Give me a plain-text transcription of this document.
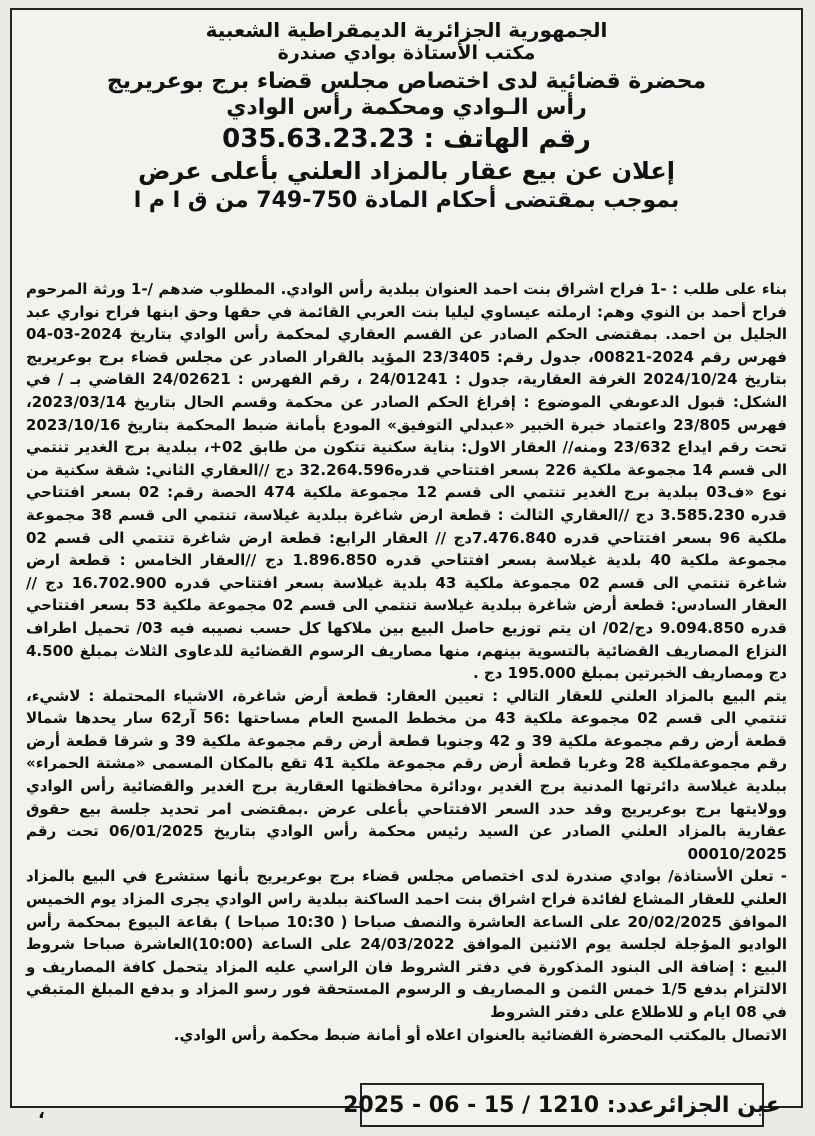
الجمهورية الجزائرية الديمقراطية الشعبية
مكتب الأستاذة بوادي صندرة
محضرة قضائية لدى اختصاص مجلس قضاء برج بوعريريج
رأس الـوادي ومحكمة رأس الوادي
رقم الهاتف : 035.63.23.23
إعلان عن بيع عقار بالمزاد العلني بأعلى عرض
بموجب بمقتضى أحكام المادة 750-749 من ق ا م ا

بناء على طلب : -1 فراح اشراق بنت احمد العنوان ببلدية رأس الوادي. المطلوب ضدهم /-1 ورثة المرحوم فراح أحمد بن النوي وهم: ارملته عيساوي ليليا بنت العربي القائمة في حقها وحق ابنها فراح نواري عبد الجليل بن احمد. بمقتضى الحكم الصادر عن القسم العقاري لمحكمة رأس الوادي بتاريخ 2024-03-04 فهرس رقم 2024-00821، جدول رقم: 23/3405 المؤيد بالقرار الصادر عن مجلس قضاء برج بوعريريج بتاريخ 2024/10/24 الغرفة العقارية، جدول : 24/01241 ، رقم الفهرس : 24/02621 القاضي بـ / في الشكل: قبول الدعوىفي الموضوع : إفراغ الحكم الصادر عن محكمة وقسم الحال بتاريخ 2023/03/14، فهرس 23/805 واعتماد خبرة الخبير «عبدلي التوفيق» المودع بأمانة ضبط المحكمة بتاريخ 2023/10/16 تحت رقم ايداع 23/632 ومنه// العقار الاول: بناية سكنية تتكون من طابق 02+، ببلدية برج الغدير تنتمي الى قسم 14 مجموعة ملكية 226 بسعر افتتاحي قدره32.264.596 دج //العقاري الثاني: شقة سكنية من نوع «ف03 ببلدية برج الغدير تنتمي الى قسم 12 مجموعة ملكية 474 الحصة رقم: 02 بسعر افتتاحي قدره 3.585.230 دج //العقاري الثالث : قطعة ارض شاغرة ببلدية غيلاسة، تنتمي الى قسم 38 مجموعة ملكية 96 بسعر افتتاحي قدره 7.476.840دج // العقار الرابع: قطعة ارض شاغرة تنتمي الى قسم 02 مجموعة ملكية 40 بلدية غيلاسة بسعر افتتاحي قدره 1.896.850 دج //العقار الخامس : قطعة ارض شاغرة تنتمي الى قسم 02 مجموعة ملكية 43 بلدية غيلاسة بسعر افتتاحي قدره 16.702.900 دج // العقار السادس: قطعة أرض شاغرة ببلدية غيلاسة تنتمي الى قسم 02 مجموعة ملكية 53 بسعر افتتاحي قدره 9.094.850 دج/02/ ان يتم توزيع حاصل البيع بين ملاكها كل حسب نصيبه فيه 03/ تحميل اطراف النزاع المصاريف القضائية بالتسوية بينهم، منها مصاريف الرسوم القضائية للدعاوى الثلاث بمبلغ 4.500 دج ومصاريف الخبرتين بمبلغ 195.000 دج .

يتم البيع بالمزاد العلني للعقار التالي : تعيين العقار: قطعة أرض شاغرة، الاشياء المحتملة : لاشيء، تنتمي الى قسم 02 مجموعة ملكية 43 من مخطط المسح العام مساحتها :56 آر62 سار يحدها شمالا قطعة أرض رقم مجموعة ملكية 39 و 42 وجنوبا قطعة أرض رقم مجموعة ملكية 39 و شرقا قطعة أرض رقم مجموعةملكية 28 وغربا قطعة أرض رقم مجموعة ملكية 41 تقع بالمكان المسمى «مشتة الحمراء» ببلدية غيلاسة دائرتها المدنية برج الغدير ،ودائرة محافظتها العقارية برج الغدير والقضائية رأس الوادي وولايتها برج بوعريريج وقد حدد السعر الافتتاحي بأعلى عرض .بمقتضى امر تحديد جلسة بيع حقوق عقارية بالمزاد العلني الصادر عن السيد رئيس محكمة رأس الوادي بتاريخ 06/01/2025 تحت رقم 00010/2025

- تعلن الأستاذة/ بوادي صندرة لدى اختصاص مجلس قضاء برج بوعريريج بأنها ستشرع في البيع بالمزاد العلني للعقار المشاع لفائدة فراح اشراق بنت احمد الساكنة ببلدية راس الوادي يجرى المزاد يوم الخميس الموافق 20/02/2025 على الساعة العاشرة والنصف صباحا ( 10:30 صباحا ) بقاعة البيوع بمحكمة رأس الواديو المؤجلة لجلسة يوم الاثنين الموافق 24/03/2022 على الساعة (10:00)العاشرة صباحا شروط البيع : إضافة الى البنود المذكورة في دفتر الشروط فان الراسي عليه المزاد يتحمل كافة المصاريف و الالتزام بدفع 1/5 خمس الثمن و المصاريف و الرسوم المستحقة فور رسو المزاد و بدفع المبلغ المتبقي في 08 ايام و للاطلاع على دفتر الشروط

الاتصال بالمكتب المحضرة القضائية بالعنوان اعلاه أو أمانة ضبط محكمة رأس الوادي.

عين الجزائرعدد: 1210 / 15 - 06 - 2025
،
